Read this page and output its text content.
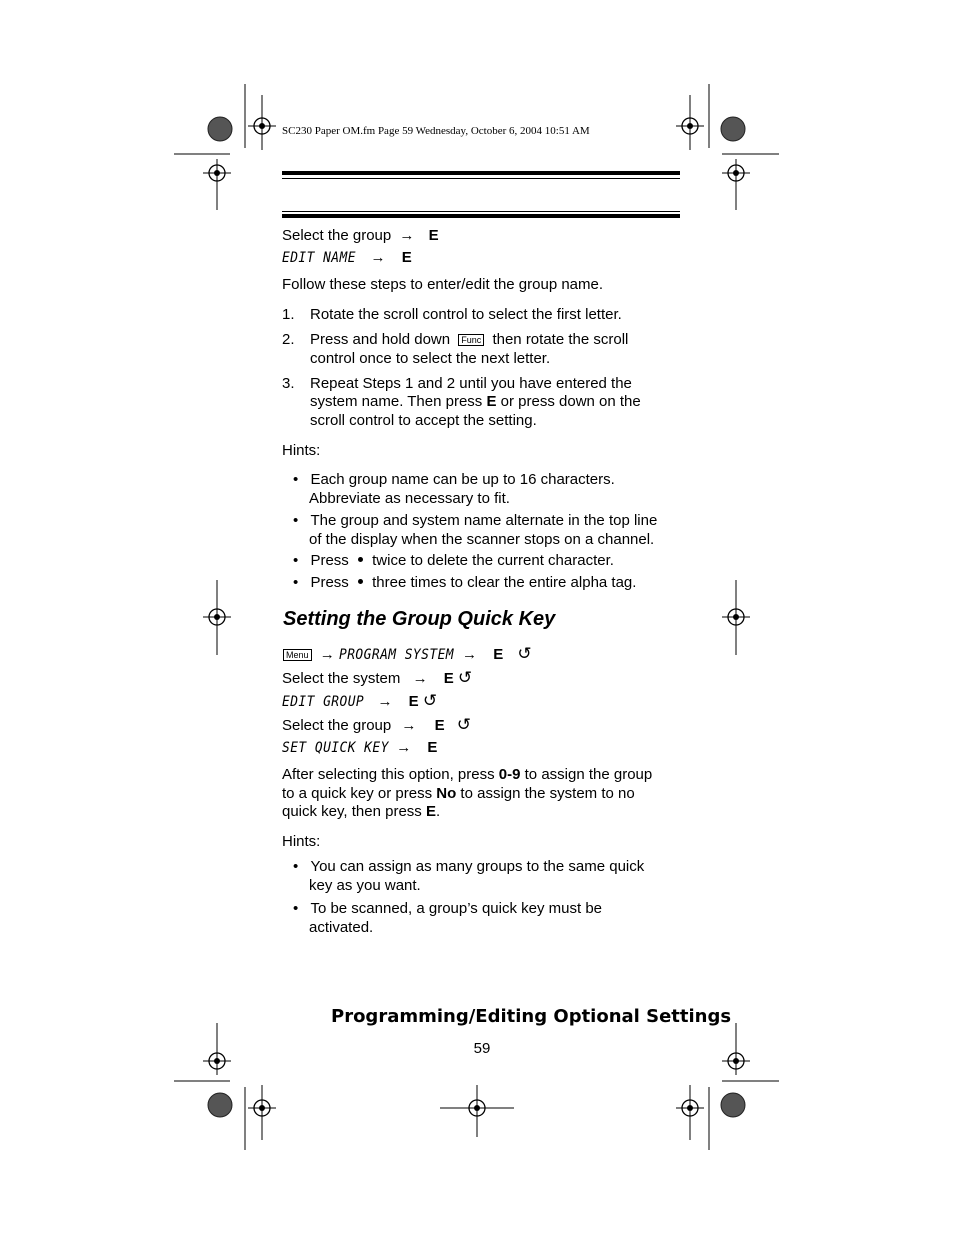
SC230 Paper OM.fm Page 59 Wednesday, October 6, 2004 10:51 AM
Select the group → E
EDIT NAME → E
Follow these steps to enter/edit the group name.
1. Rotate the scroll control to select the first letter.
2. Press and hold down Func then rotate the scroll
control once to select the next letter.
3. Repeat Steps 1 and 2 until you have entered the
system name. Then press E or press down on the
scroll control to accept the setting.
Hints:
• Each group name can be up to 16 characters.
Abbreviate as necessary to fit.
• The group and system name alternate in the top line
of the display when the scanner stops on a channel.
• Press twice to delete the current character.
• Press three times to clear the entire alpha tag.
Setting the Group Quick Key
Menu → PROGRAM SYSTEM → E ↺
Select the system → E ↺
EDIT GROUP → E ↺
Select the group → E ↺
SET QUICK KEY → E
After selecting this option, press 0-9 to assign the group
to a quick key or press No to assign the system to no
quick key, then press E.
Hints:
• You can assign as many groups to the same quick
key as you want.
• To be scanned, a group’s quick key must be
activated.
Programming/Editing Optional Settings
59
